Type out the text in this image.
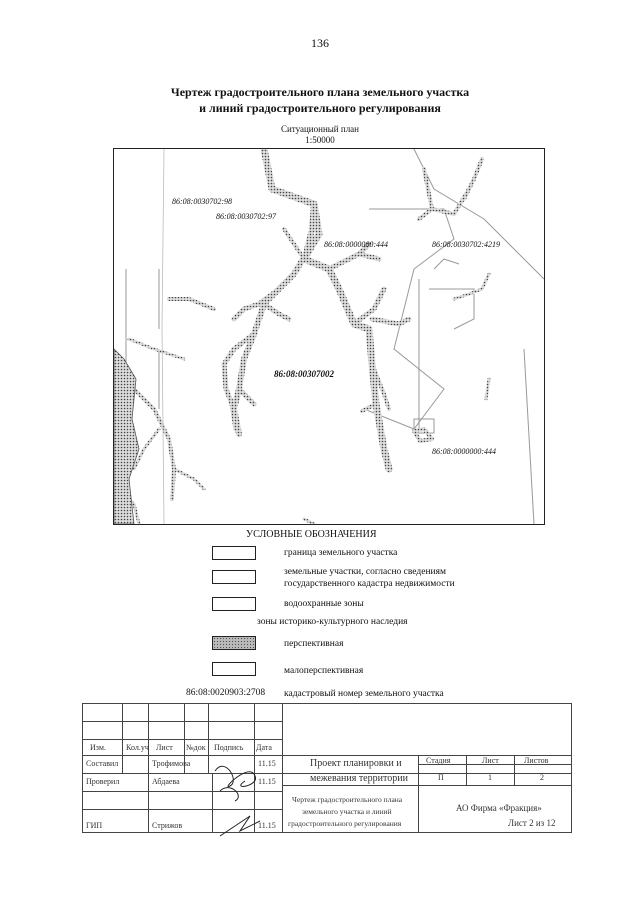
136
Чертеж градостроительного плана земельного участка
и линий градостроительного регулирования
Ситуационный план
1:50000
86:08:0030702:98
86:08:0030702:97
86:08:0000000:444	86:08:0030702:4219
86:08:00307002
86:08:0000000:444
УСЛОВНЫЕ ОБОЗНАЧЕНИЯ
граница земельного участка
земельные участки, согласно сведениям
государственного кадастра недвижимости
водоохранные зоны
зоны историко-культурного наследия
перспективная
малоперспективная
86:08:0020903:2708 кадастровый номер земельного участка
Изм.	Кол.уч Лист №док Подпись Дата
Составил	Трофимова	11.15
Проверил	Абдаева	11.15
ГИП	Стрижов	11.15
Проект планировки и
межевания территории
Стадия	Лист	Листов
П	1	2
Чертеж градостроительного плана
земельного участка и линий
градостроительного регулирования
АО Фирма «Фракция»
Лист 2 из 12
